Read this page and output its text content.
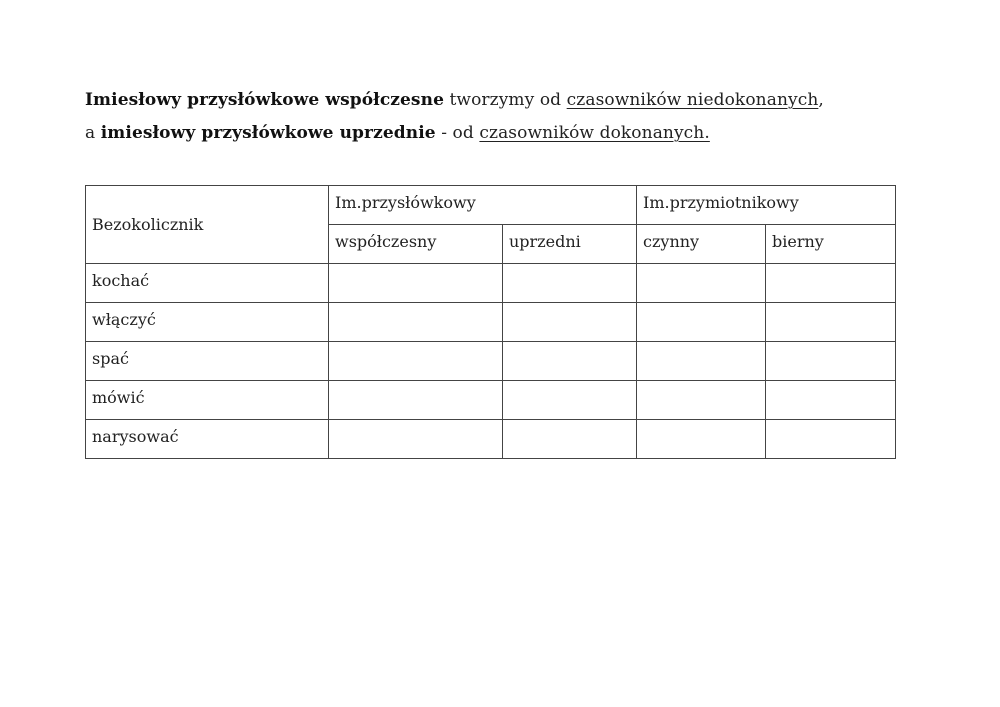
Imiesłowy przysłówkowe współczesne tworzymy od czasowników niedokonanych,
a imiesłowy przysłówkowe uprzednie - od czasowników dokonanych.
Bezokolicznik	Im.przysłówkowy		Im.przymiotnikowy	
	współczesny	uprzedni	czynny	bierny
kochać				
włączyć				
spać				
mówić				
narysować				
